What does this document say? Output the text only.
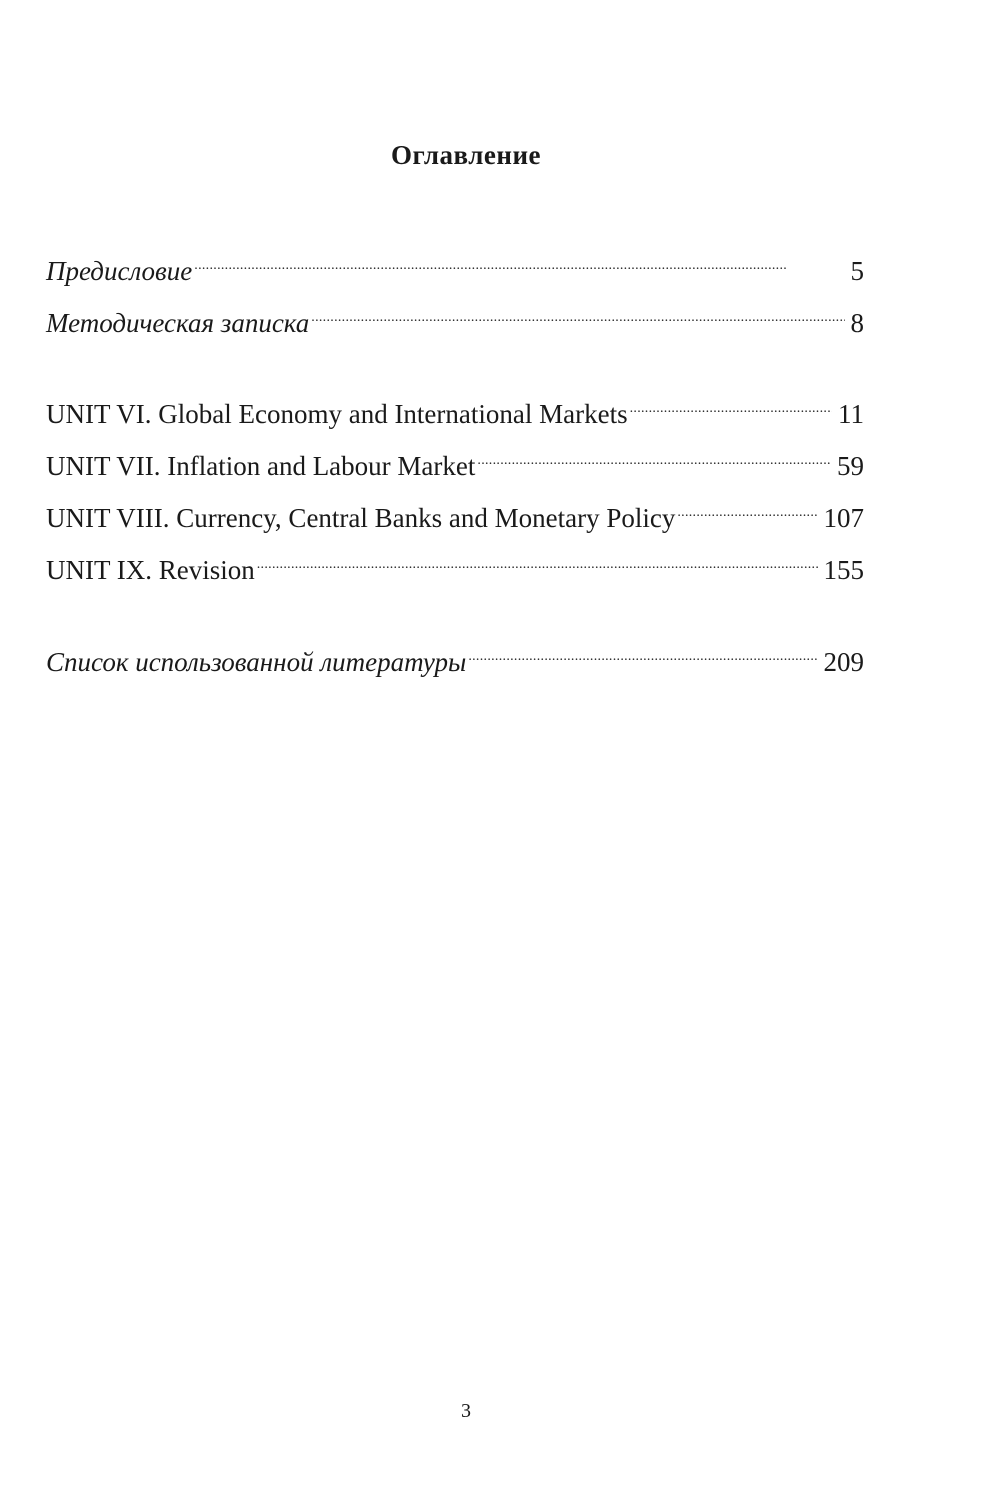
Оглавление
Предисловие . . .	5
Методическая записка . . .	8
UNIT VI. Global Economy and International Markets . . .	11
UNIT VII. Inflation and Labour Market . . .	59
UNIT VIII. Currency, Central Banks and Monetary Policy . . .	107
UNIT IX. Revision . . .	155
Список использованной литературы . . .	209
3
